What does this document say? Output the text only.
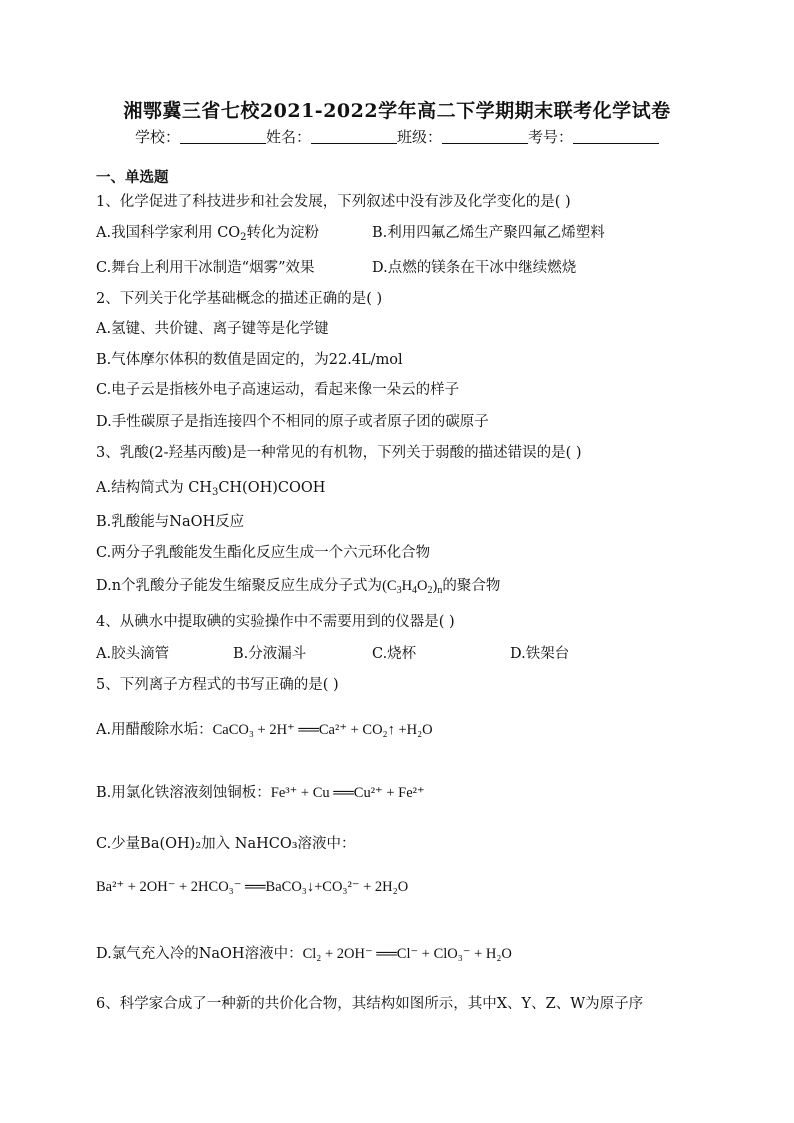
湘鄂冀三省七校2021-2022学年高二下学期期末联考化学试卷
学校：	姓名：	班级：	考号：
一、单选题
1、化学促进了科技进步和社会发展，下列叙述中没有涉及化学变化的是( )
A.我国科学家利用 $CO_2$转化为淀粉	B.利用四氟乙烯生产聚四氟乙烯塑料
C.舞台上利用干冰制造“烟雾”效果	D.点燃的镁条在干冰中继续燃烧
2、下列关于化学基础概念的描述正确的是( )
A.氢键、共价键、离子键等是化学键
B.气体摩尔体积的数值是固定的，为22.4L/mol
C.电子云是指核外电子高速运动，看起来像一朵云的样子
D.手性碳原子是指连接四个不相同的原子或者原子团的碳原子
3、乳酸(2-羟基丙酸)是一种常见的有机物，下列关于弱酸的描述错误的是( )
A.结构简式为 $CH_3CH(OH)COOH$
B.乳酸能与NaOH反应
C.两分子乳酸能发生酯化反应生成一个六元环化合物
D.n个乳酸分子能发生缩聚反应生成分子式为$(C_3H_4O_2)_n$的聚合物
4、从碘水中提取碘的实验操作中不需要用到的仪器是( )
A.胶头滴管	B.分液漏斗	C.烧杯	D.铁架台
5、下列离子方程式的书写正确的是( )
A.用醋酸除水垢：CaCO₃ + 2H⁺ ══Ca²⁺ + CO₂↑ +H₂O
B.用氯化铁溶液刻蚀铜板：Fe³⁺ + Cu ══Cu²⁺ + Fe²⁺
C.少量Ba(OH)₂加入 NaHCO₃溶液中：
Ba²⁺ + 2OH⁻ + 2HCO₃⁻ ══BaCO₃↓+CO₃²⁻ + 2H₂O
D.氯气充入冷的NaOH溶液中：Cl₂ + 2OH⁻ ══Cl⁻ + ClO₃⁻ + H₂O
6、科学家合成了一种新的共价化合物，其结构如图所示，其中X、Y、Z、W为原子序
